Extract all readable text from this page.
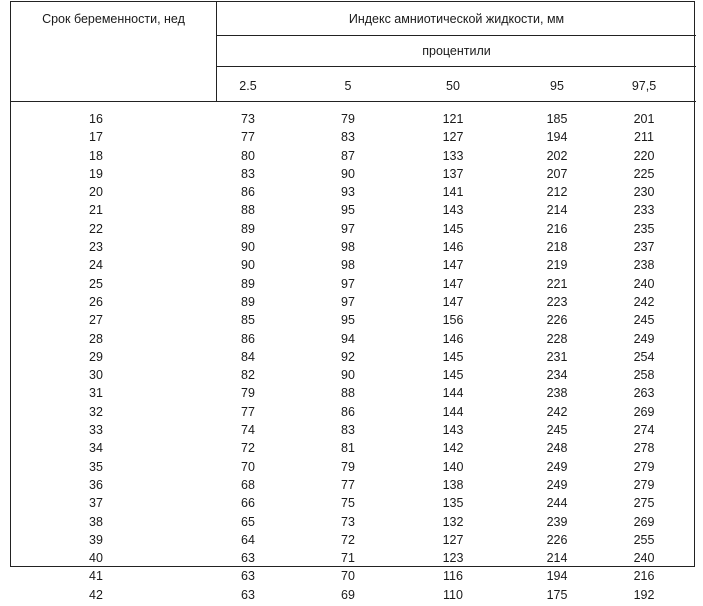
Срок беременности, нед	Индекс амниотической жидкости, мм
процентили
2.5	5	50	95	97,5
16	73	79	121	185	201
17	77	83	127	194	211
18	80	87	133	202	220
19	83	90	137	207	225
20	86	93	141	212	230
21	88	95	143	214	233
22	89	97	145	216	235
23	90	98	146	218	237
24	90	98	147	219	238
25	89	97	147	221	240
26	89	97	147	223	242
27	85	95	156	226	245
28	86	94	146	228	249
29	84	92	145	231	254
30	82	90	145	234	258
31	79	88	144	238	263
32	77	86	144	242	269
33	74	83	143	245	274
34	72	81	142	248	278
35	70	79	140	249	279
36	68	77	138	249	279
37	66	75	135	244	275
38	65	73	132	239	269
39	64	72	127	226	255
40	63	71	123	214	240
41	63	70	116	194	216
42	63	69	110	175	192
